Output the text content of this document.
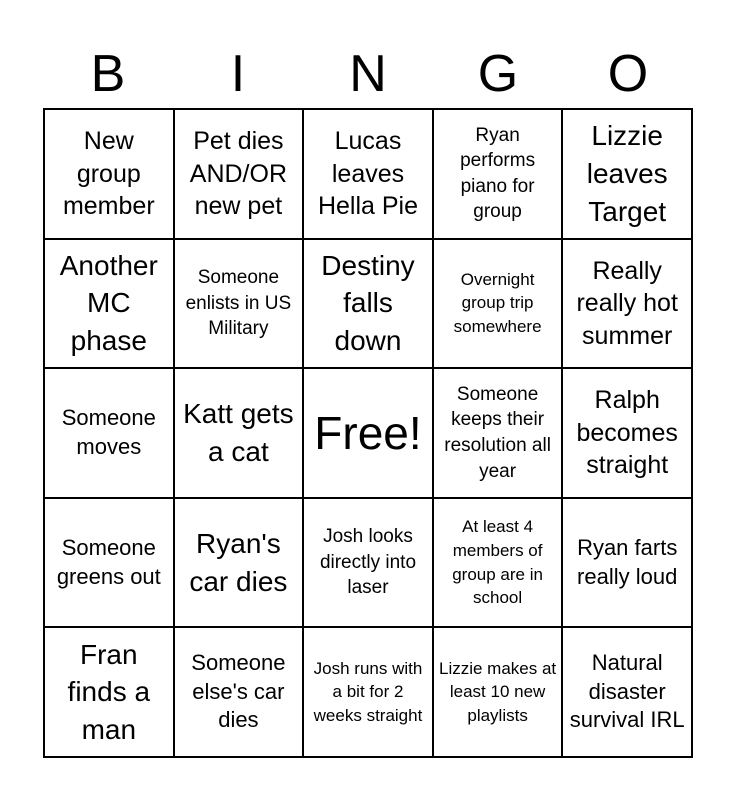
B	I	N	G	O
New group member
Pet dies AND/OR new pet
Lucas leaves Hella Pie
Ryan performs piano for group
Lizzie leaves Target
Another MC phase
Someone enlists in US Military
Destiny falls down
Overnight group trip somewhere
Really really hot summer
Someone moves
Katt gets a cat Free!
Someone keeps their resolution all year
Ralph becomes straight
Someone greens out
Ryan's car dies
Josh looks directly into laser
At least 4 members of group are in school
Ryan farts really loud
Fran finds a man
Someone else's car dies
Josh runs with a bit for 2 weeks straight
Lizzie makes at least 10 new playlists
Natural disaster survival IRL
